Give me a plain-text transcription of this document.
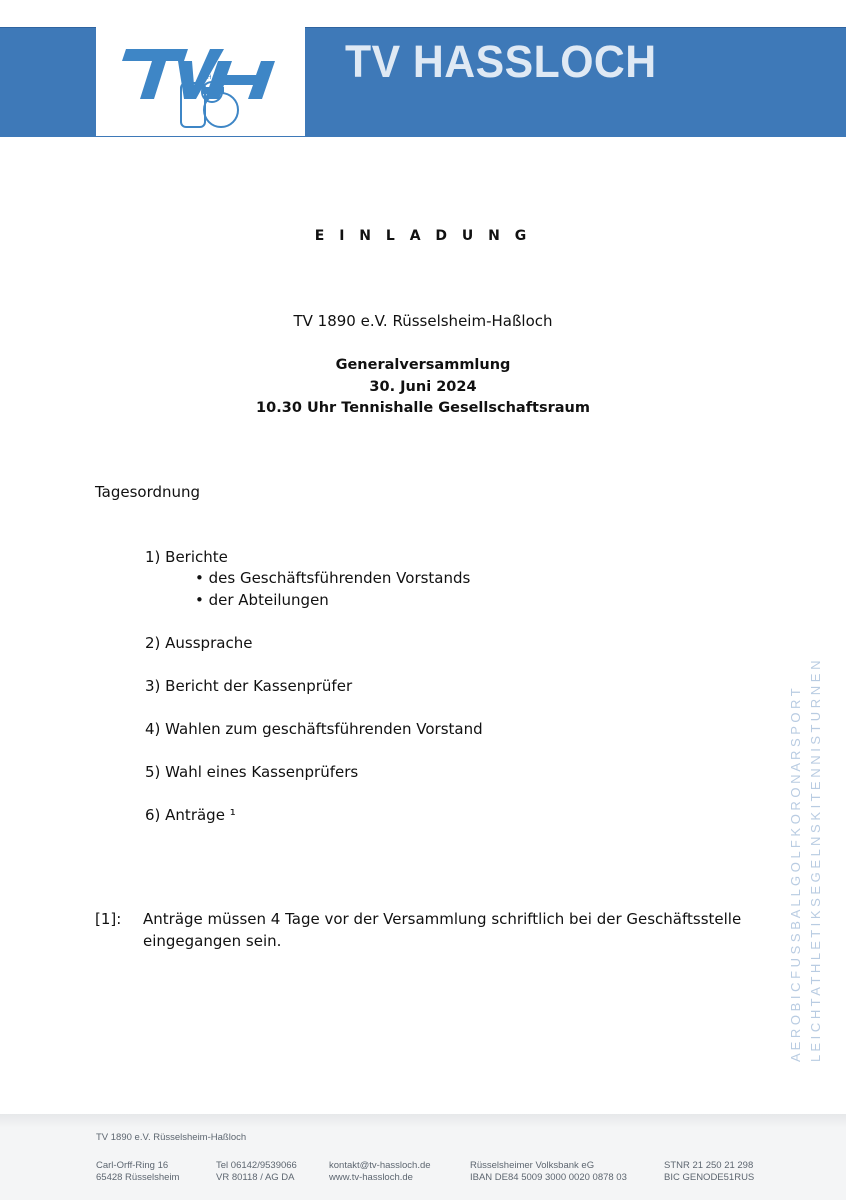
TVH 1890	TV HASSLOCH
A E R O B I C F U S S B A L L G O L F K O R O N A R S P O R T L E I C H T A T H L E T I K S E G E L N S K I T E N N I S T U R N E N
E I N L A D U N G
TV 1890 e.V. Rüsselsheim-Haßloch
Generalversammlung
30. Juni 2024
10.30 Uhr Tennishalle Gesellschaftsraum
Tagesordnung
1) Berichte
• des Geschäftsführenden Vorstands
• der Abteilungen
2) Aussprache
3) Bericht der Kassenprüfer
4) Wahlen zum geschäftsführenden Vorstand
5) Wahl eines Kassenprüfers
6) Anträge ¹
[1]: Anträge müssen 4 Tage vor der Versammlung schriftlich bei der Geschäftsstelle eingegangen sein.
TV 1890 e.V. Rüsselsheim-Haßloch
Carl-Orff-Ring 16
65428 Rüsselsheim
Tel 06142/9539066
VR 80118 / AG DA
kontakt@tv-hassloch.de
www.tv-hassloch.de
Rüsselsheimer Volksbank eG
IBAN DE84 5009 3000 0020 0878 03
STNR 21 250 21 298
BIC GENODE51RUS
